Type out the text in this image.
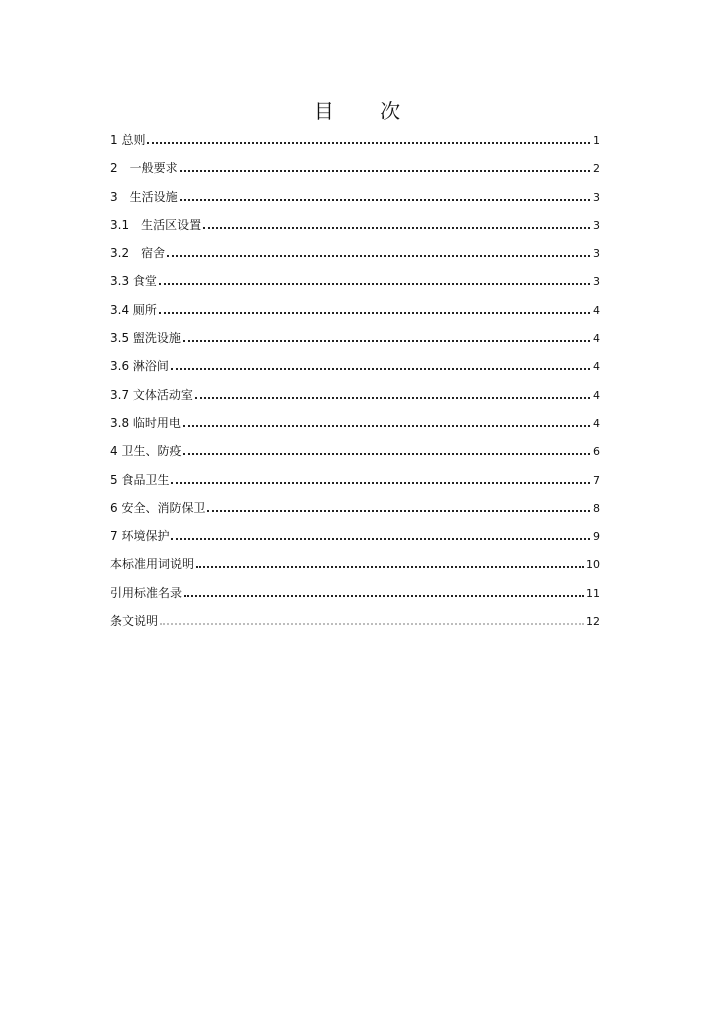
目 次
1 总则	1
2　一般要求	2
3　生活设施	3
3.1　生活区设置	3
3.2　宿舍	3
3.3 食堂	3
3.4 厕所	4
3.5 盥洗设施	4
3.6 淋浴间	4
3.7 文体活动室	4
3.8 临时用电	4
4 卫生、防疫	6
5 食品卫生	7
6 安全、消防保卫	8
7 环境保护	9
本标准用词说明	10
引用标准名录	11
条文说明	12
